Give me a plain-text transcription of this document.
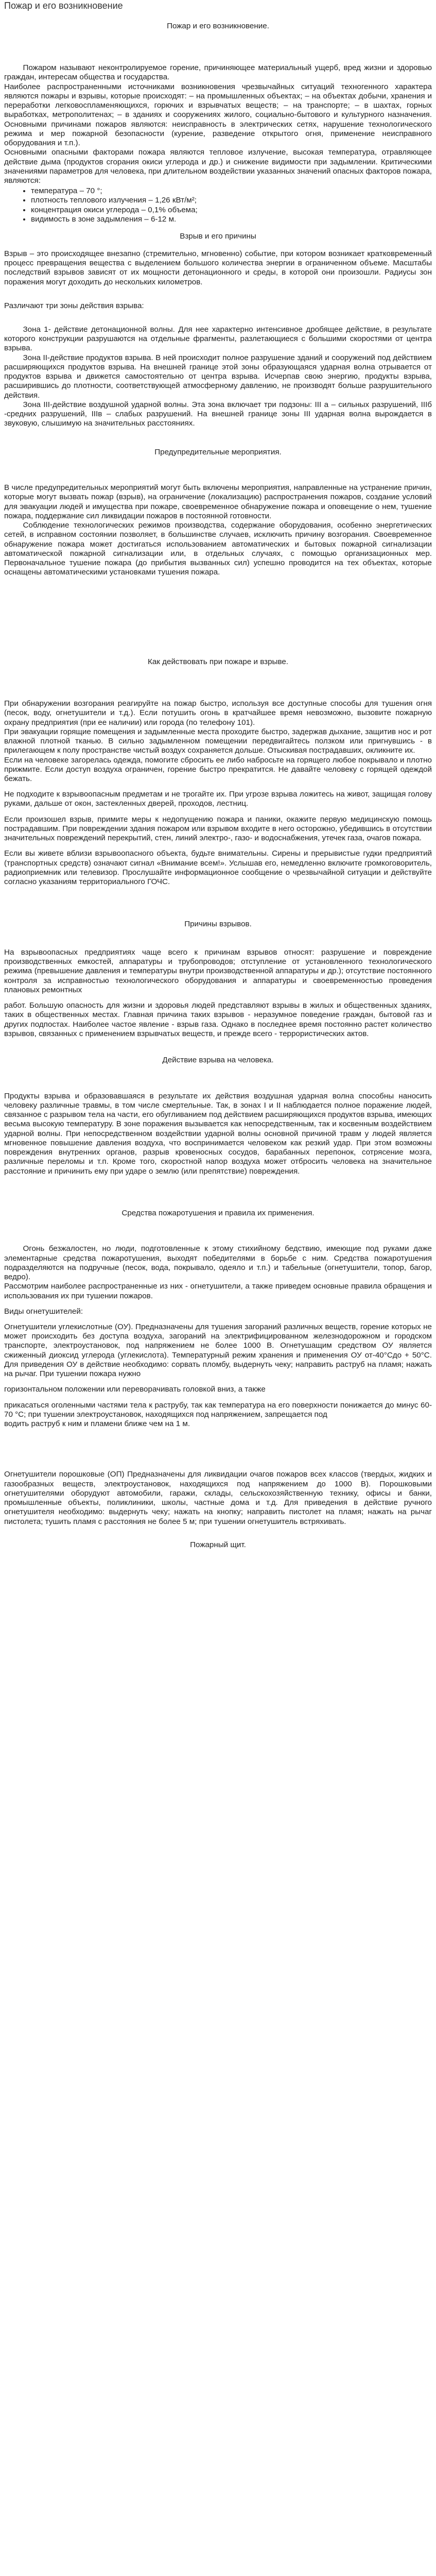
Пожар и его возникновение

Пожар и его возникновение.

Пожаром называют неконтролируемое горение, причиняющее материальный ущерб, вред жизни и здоровью граждан, интересам общества и государства.

Наиболее распространенными источниками возникновения чрезвычайных ситуаций техногенного характера являются пожары и взрывы, которые происходят: – на промышленных объектах; – на объектах добычи, хранения и переработки легковоспламеняющихся, горючих и взрывчатых веществ; – на транспорте; – в шахтах, горных выработках, метрополитенах; – в зданиях и сооружениях жилого, социально-бытового и культурного назначения. Основными причинами пожаров являются: неисправность в электрических сетях, нарушение технологического режима и мер пожарной безопасности (курение, разведение открытого огня, применение неисправного оборудования и т.п.).

Основными опасными факторами пожара являются тепловое излучение, высокая температура, отравляющее действие дыма (продуктов сгорания окиси углерода и др.) и снижение видимости при задымлении. Критическими значениями параметров для человека, при длительном воздействии указанных значений опасных факторов пожара, являются:

• температура – 70 °;
• плотность теплового излучения – 1,26 кВт/м²;
• концентрация окиси углерода – 0,1% объема;
• видимость в зоне задымления – 6-12 м.

Взрыв и его причины

Взрыв – это происходящее внезапно (стремительно, мгновенно) событие, при котором возникает кратковременный процесс превращения вещества с выделением большого количества энергии в ограниченном объеме. Масштабы последствий взрывов зависят от их мощности детонационного и среды, в которой они произошли. Радиусы зон поражения могут доходить до нескольких километров.

Различают три зоны действия взрыва:

Зона 1- действие детонационной волны. Для нее характерно интенсивное дробящее действие, в результате которого конструкции разрушаются на отдельные фрагменты, разлетающиеся с большими скоростями от центра взрыва.

Зона II-действие продуктов взрыва. В ней происходит полное разрушение зданий и сооружений под действием расширяющихся продуктов взрыва. На внешней границе этой зоны образующаяся ударная волна отрывается от продуктов взрыва и движется самостоятельно от центра взрыва. Исчерпав свою энергию, продукты взрыва, расширившись до плотности, соответствующей атмосферному давлению, не производят больше разрушительного действия.

Зона III-действие воздушной ударной волны. Эта зона включает три подзоны: III а – сильных разрушений, IIIб -средних разрушений, IIIв – слабых разрушений. На внешней границе зоны III ударная волна вырождается в звуковую, слышимую на значительных расстояниях.

Предупредительные мероприятия.

В числе предупредительных мероприятий могут быть включены мероприятия, направленные на устранение причин, которые могут вызвать пожар (взрыв), на ограничение (локализацию) распространения пожаров, создание условий для эвакуации людей и имущества при пожаре, своевременное обнаружение пожара и оповещение о нем, тушение пожара, поддержание сил ликвидации пожаров в постоянной готовности.

Соблюдение технологических режимов производства, содержание оборудования, особенно энергетических сетей, в исправном состоянии позволяет, в большинстве случаев, исключить причину возгорания. Своевременное обнаружение пожара может достигаться использованием автоматических и бытовых пожарной сигнализации автоматической пожарной сигнализации или, в отдельных случаях, с помощью организационных мер. Первоначальное тушение пожара (до прибытия вызванных сил) успешно проводится на тех объектах, которые оснащены автоматическими установками тушения пожара.

Как действовать при пожаре и взрыве.

При обнаружении возгорания реагируйте на пожар быстро, используя все доступные способы для тушения огня (песок, воду, огнетушители и т.д.). Если потушить огонь в кратчайшее время невозможно, вызовите пожарную охрану предприятия (при ее наличии) или города (по телефону 101).

При эвакуации горящие помещения и задымленные места проходите быстро, задержав дыхание, защитив нос и рот влажной плотной тканью. В сильно задымленном помещении передвигайтесь ползком или пригнувшись - в прилегающем к полу пространстве чистый воздух сохраняется дольше. Отыскивая пострадавших, окликните их.

Если на человеке загорелась одежда, помогите сбросить ее либо набросьте на горящего любое покрывало и плотно прижмите. Если доступ воздуха ограничен, горение быстро прекратится. Не давайте человеку с горящей одеждой бежать.

Не подходите к взрывоопасным предметам и не трогайте их. При угрозе взрыва ложитесь на живот, защищая голову руками, дальше от окон, застекленных дверей, проходов, лестниц.

Если произошел взрыв, примите меры к недопущению пожара и паники, окажите первую медицинскую помощь пострадавшим. При повреждении здания пожаром или взрывом входите в него осторожно, убедившись в отсутствии значительных повреждений перекрытий, стен, линий электро-, газо- и водоснабжения, утечек газа, очагов пожара.

Если вы живете вблизи взрывоопасного объекта, будьте внимательны. Сирены и прерывистые гудки предприятий (транспортных средств) означают сигнал «Внимание всем!». Услышав его, немедленно включите громкоговоритель, радиоприемник или телевизор. Прослушайте информационное сообщение о чрезвычайной ситуации и действуйте согласно указаниям территориального ГОЧС.

Причины взрывов.

На взрывоопасных предприятиях чаще всего к причинам взрывов относят: разрушение и повреждение производственных емкостей, аппаратуры и трубопроводов; отступление от установленного технологического режима (превышение давления и температуры внутри производственной аппаратуры и др.); отсутствие постоянного контроля за исправностью технологического оборудования и аппаратуры и своевременностью проведения плановых ремонтных

работ. Большую опасность для жизни и здоровья людей представляют взрывы в жилых и общественных зданиях, таких в общественных местах. Главная причина таких взрывов - неразумное поведение граждан, бытовой газ и других подпостах. Наиболее частое явление - взрыв газа. Однако в последнее время постоянно растет количество взрывов, связанных с применением взрывчатых веществ, и прежде всего - террористических актов.

Действие взрыва на человека.

Продукты взрыва и образовавшаяся в результате их действия воздушная ударная волна способны наносить человеку различные травмы, в том числе смертельные. Так, в зонах I и II наблюдается полное поражение людей, связанное с разрывом тела на части, его обугливанием под действием расширяющихся продуктов взрыва, имеющих весьма высокую температуру. В зоне поражения вызывается как непосредственным, так и косвенным воздействием ударной волны. При непосредственном воздействии ударной волны основной причиной травм у людей является мгновенное повышение давления воздуха, что воспринимается человеком как резкий удар. При этом возможны повреждения внутренних органов, разрыв кровеносных сосудов, барабанных перепонок, сотрясение мозга, различные переломы и т.п. Кроме того, скоростной напор воздуха может отбросить человека на значительное расстояние и причинить ему при ударе о землю (или препятствие) повреждения.

Средства пожаротушения и правила их применения.

Огонь безжалостен, но люди, подготовленные к этому стихийному бедствию, имеющие под руками даже элементарные средства пожаротушения, выходят победителями в борьбе с ним. Средства пожаротушения подразделяются на подручные (песок, вода, покрывало, одеяло и т.п.) и табельные (огнетушители, топор, багор, ведро).

Рассмотрим наиболее распространенные из них - огнетушители, а также приведем основные правила обращения и использования их при тушении пожаров.

Виды огнетушителей:

Огнетушители углекислотные (ОУ). Предназначены для тушения загораний различных веществ, горение которых не может происходить без доступа воздуха, загораний на электрифицированном железнодорожном и городском транспорте, электроустановок, под напряжением не более 1000 В. Огнетушащим средством ОУ является сжиженный диоксид углерода (углекислота). Температурный режим хранения и применения ОУ от-40°Сдо + 50°С. Для приведения ОУ в действие необходимо: сорвать пломбу, выдернуть чеку; направить раструб на пламя; нажать на рычаг. При тушении пожара нужно

горизонтальном положении или переворачивать головкой вниз, а также

прикасаться оголенными частями тела к раструбу, так как температура на его поверхности понижается до минус 60-70 °С; при тушении электроустановок, находящихся под напряжением, запрещается под

водить раструб к ним и пламени ближе чем на 1 м.

Огнетушители порошковые (ОП) Предназначены для ликвидации очагов пожаров всех классов (твердых, жидких и газообразных веществ, электроустановок, находящихся под напряжением до 1000 В). Порошковыми огнетушителями оборудуют автомобили, гаражи, склады, сельскохозяйственную технику, офисы и банки, промышленные объекты, поликлиники, школы, частные дома и т.д. Для приведения в действие ручного огнетушителя необходимо: выдернуть чеку; нажать на кнопку; направить пистолет на пламя; нажать на рычаг пистолета; тушить пламя с расстояния не более 5 м; при тушении огнетушитель встряхивать.

Пожарный щит.
